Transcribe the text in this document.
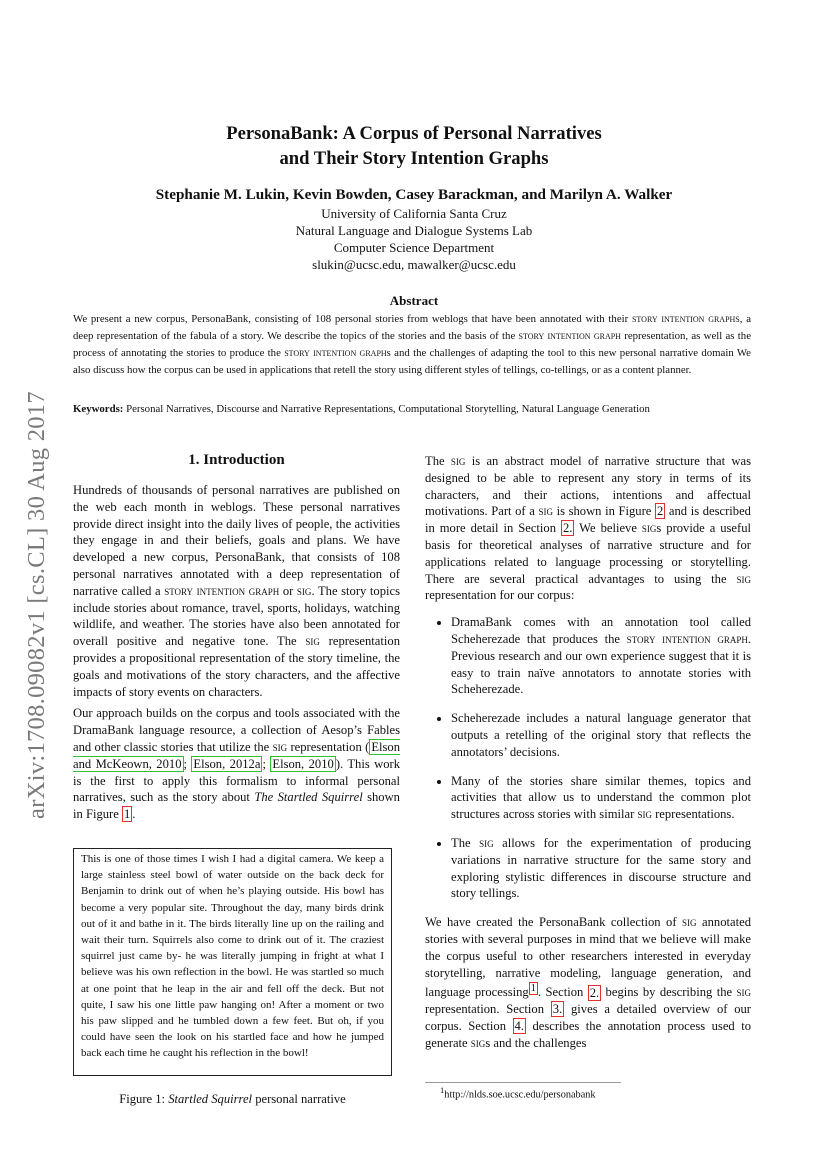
arXiv:1708.09082v1 [cs.CL] 30 Aug 2017
PersonaBank: A Corpus of Personal Narratives
and Their Story Intention Graphs
Stephanie M. Lukin, Kevin Bowden, Casey Barackman, and Marilyn A. Walker
University of California Santa Cruz
Natural Language and Dialogue Systems Lab
Computer Science Department
slukin@ucsc.edu, mawalker@ucsc.edu
Abstract
We present a new corpus, PersonaBank, consisting of 108 personal stories from weblogs that have been annotated with their story intention graphs, a deep representation of the fabula of a story. We describe the topics of the stories and the basis of the story intention graph representation, as well as the process of annotating the stories to produce the story intention graphs and the challenges of adapting the tool to this new personal narrative domain We also discuss how the corpus can be used in applications that retell the story using different styles of tellings, co-tellings, or as a content planner.
Keywords: Personal Narratives, Discourse and Narrative Representations, Computational Storytelling, Natural Language Generation
1. Introduction

Hundreds of thousands of personal narratives are published on the web each month in weblogs. These personal narratives provide direct insight into the daily lives of people, the activities they engage in and their beliefs, goals and plans. We have developed a new corpus, PersonaBank, that consists of 108 personal narratives annotated with a deep representation of narrative called a story intention graph or sig. The story topics include stories about romance, travel, sports, holidays, watching wildlife, and weather. The stories have also been annotated for overall positive and negative tone. The sig representation provides a propositional representation of the story timeline, the goals and motivations of the story characters, and the affective impacts of story events on characters.

Our approach builds on the corpus and tools associated with the DramaBank language resource, a collection of Aesop’s Fables and other classic stories that utilize the sig representation ( Elson and McKeown, 2010 ; Elson, 2012a ; Elson, 2010 ). This work is the first to apply this formalism to informal personal narratives, such as the story about The Startled Squirrel shown in Figure 1 .

This is one of those times I wish I had a digital camera. We keep a large stainless steel bowl of water outside on the back deck for Benjamin to drink out of when he’s playing outside. His bowl has become a very popular site. Throughout the day, many birds drink out of it and bathe in it. The birds literally line up on the railing and wait their turn. Squirrels also come to drink out of it. The craziest squirrel just came by- he was literally jumping in fright at what I believe was his own reflection in the bowl. He was startled so much at one point that he leap in the air and fell off the deck. But not quite, I saw his one little paw hanging on! After a moment or two his paw slipped and he tumbled down a few feet. But oh, if you could have seen the look on his startled face and how he jumped back each time he caught his reflection in the bowl!
Figure 1: Startled Squirrel personal narrative

The sig is an abstract model of narrative structure that was designed to be able to represent any story in terms of its characters, and their actions, intentions and affectual motivations. Part of a sig is shown in Figure 2 and is described in more detail in Section 2. We believe sigs provide a useful basis for theoretical analyses of narrative structure and for applications related to language processing or storytelling. There are several practical advantages to using the sig representation for our corpus:

• DramaBank comes with an annotation tool called Scheherezade that produces the story intention graph. Previous research and our own experience suggest that it is easy to train naïve annotators to annotate stories with Scheherezade.
• Scheherezade includes a natural language generator that outputs a retelling of the original story that reflects the annotators’ decisions.
• Many of the stories share similar themes, topics and activities that allow us to understand the common plot structures across stories with similar sig representations.
• The sig allows for the experimentation of producing variations in narrative structure for the same story and exploring stylistic differences in discourse structure and story tellings.

We have created the PersonaBank collection of sig annotated stories with several purposes in mind that we believe will make the corpus useful to other researchers interested in everyday storytelling, narrative modeling, language generation, and language processing $^1$ . Section 2. begins by describing the sig representation. Section 3. gives a detailed overview of our corpus. Section 4. describes the annotation process used to generate sigs and the challenges

$^1$http://nlds.soe.ucsc.edu/personabank
